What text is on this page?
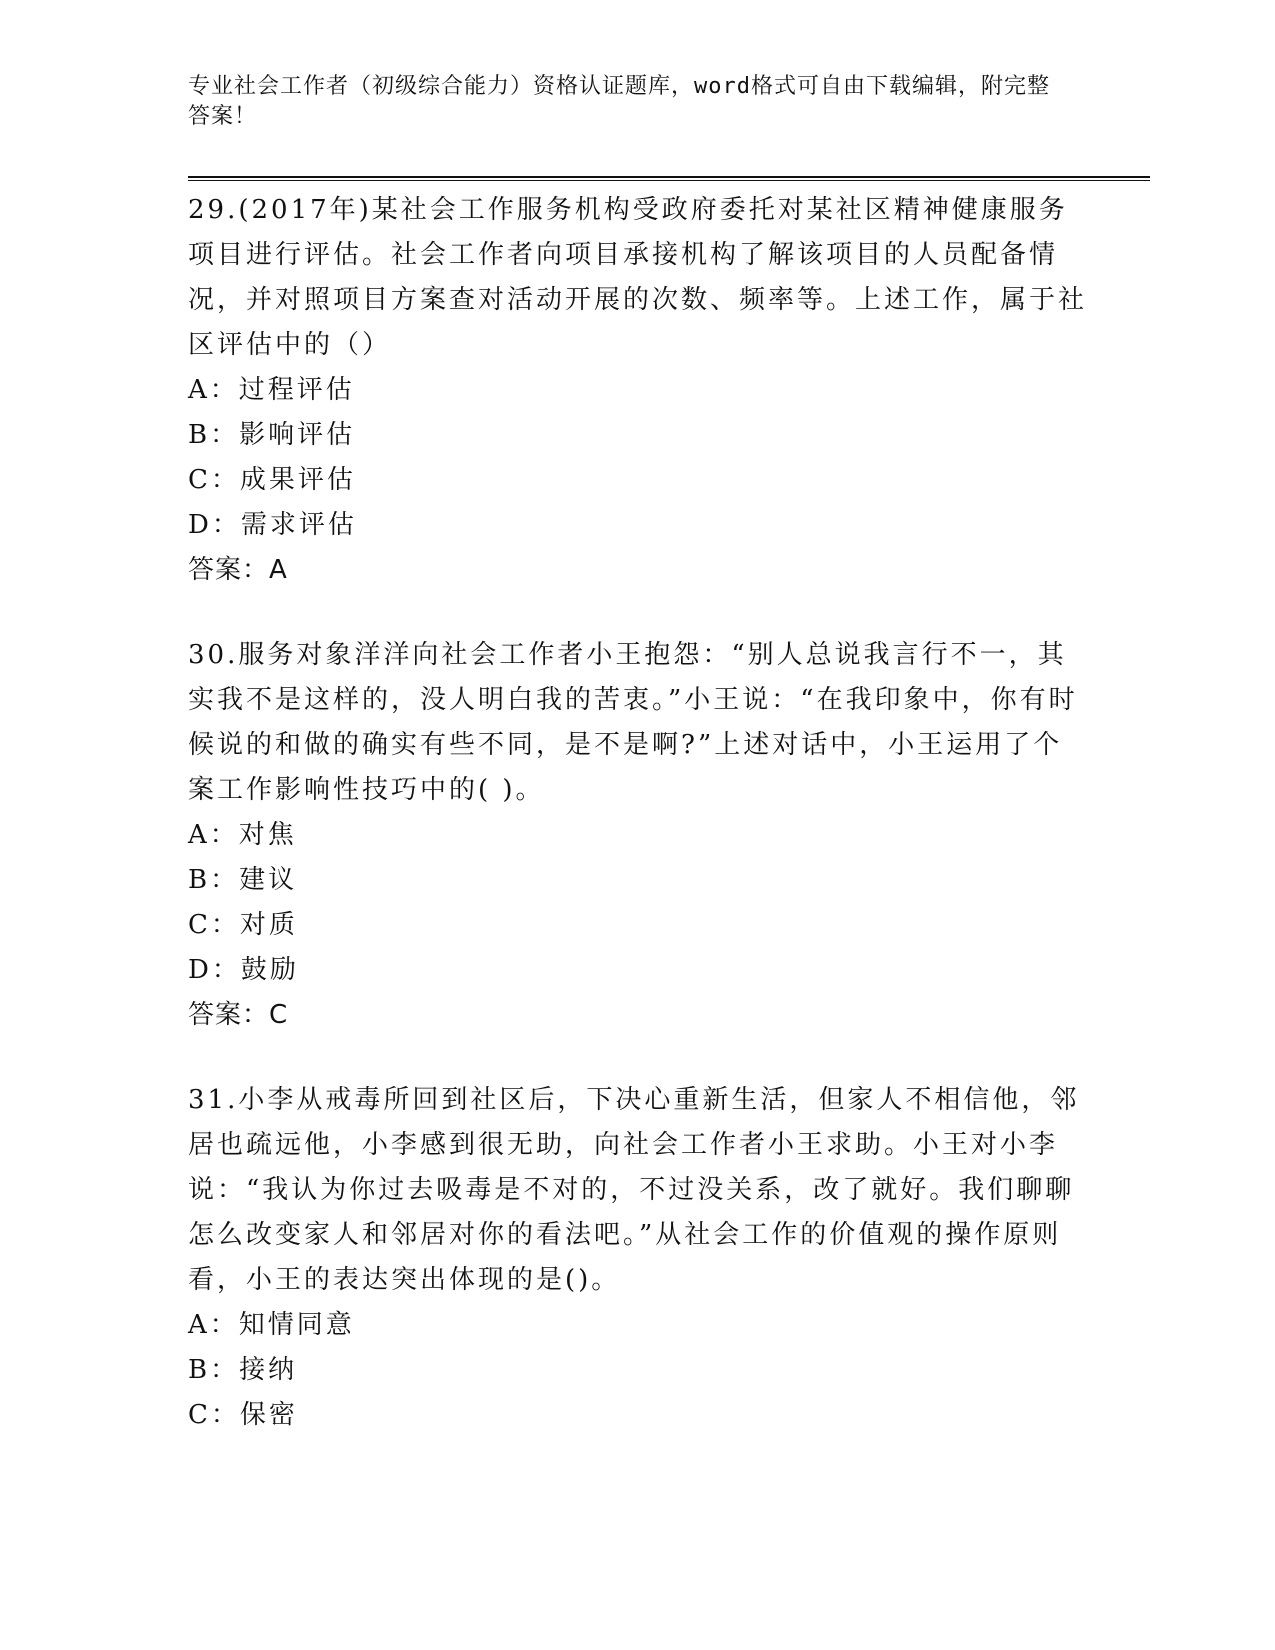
专业社会工作者（初级综合能力）资格认证题库，word格式可自由下载编辑，附完整答案！

29.(2017年)某社会工作服务机构受政府委托对某社区精神健康服务项目进行评估。社会工作者向项目承接机构了解该项目的人员配备情况，并对照项目方案查对活动开展的次数、频率等。上述工作，属于社区评估中的（）

A：过程评估

B：影响评估

C：成果评估

D：需求评估

答案：A

30.服务对象洋洋向社会工作者小王抱怨：“别人总说我言行不一，其实我不是这样的，没人明白我的苦衷。”小王说：“在我印象中，你有时候说的和做的确实有些不同，是不是啊?”上述对话中，小王运用了个案工作影响性技巧中的( )。

A：对焦

B：建议

C：对质

D：鼓励

答案：C

31.小李从戒毒所回到社区后，下决心重新生活，但家人不相信他，邻居也疏远他，小李感到很无助，向社会工作者小王求助。小王对小李说：“我认为你过去吸毒是不对的，不过没关系，改了就好。我们聊聊怎么改变家人和邻居对你的看法吧。”从社会工作的价值观的操作原则看，小王的表达突出体现的是()。

A：知情同意

B：接纳

C：保密
